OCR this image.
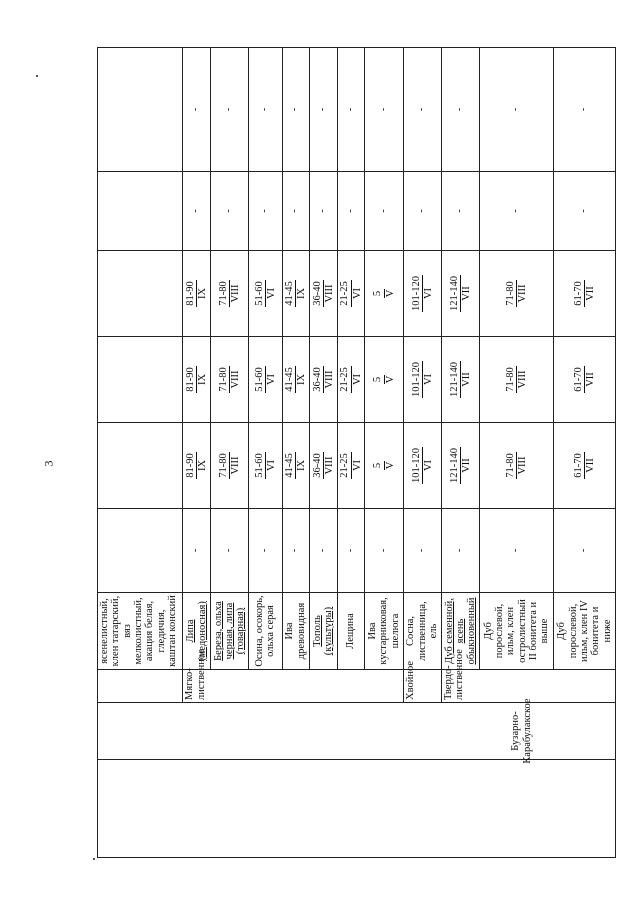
3

	Бузарно-Карабулакское		ясенелистный, клен татарский, вяз мелколистный, акация белая, гледичия, каштан конский						
		Мягко-лиственное	Липа (медоносная)	-	81-90 IX	81-90 IX	81-90 IX	-	-
			Береза, ольха черная, липа (товарная)	-	71-80 VIII	71-80 VIII	71-80 VIII	-	-
			Осина, осокорь, ольха серая	-	51-60 VI	51-60 VI	51-60 VI	-	-
			Ива древовидная	-	41-45 IX	41-45 IX	41-45 IX	-	-
			Тополь (культуры)	-	36-40 VIII	36-40 VIII	36-40 VIII	-	-
			Лещина	-	21-25 VI	21-25 VI	21-25 VI	-	-
			Ива кустарниковая, шелюга	-	5 V	5 V	5 V	-	-
		Хвойное	Сосна, лиственница, ель	-	101-120 VI	101-120 VI	101-120 VI	-	-
		Твердо-лиственное	Дуб семенной, ясень обыкновенный	-	121-140 VII	121-140 VII	121-140 VII	-	-
			Дуб порослевой, ильм, клен остролистный II бонитета и выше	-	71-80 VIII	71-80 VIII	71-80 VIII	-	-
			Дуб порослевой, ильм, клен IV бонитета и ниже	-	61-70 VII	61-70 VII	61-70 VII	-	-
